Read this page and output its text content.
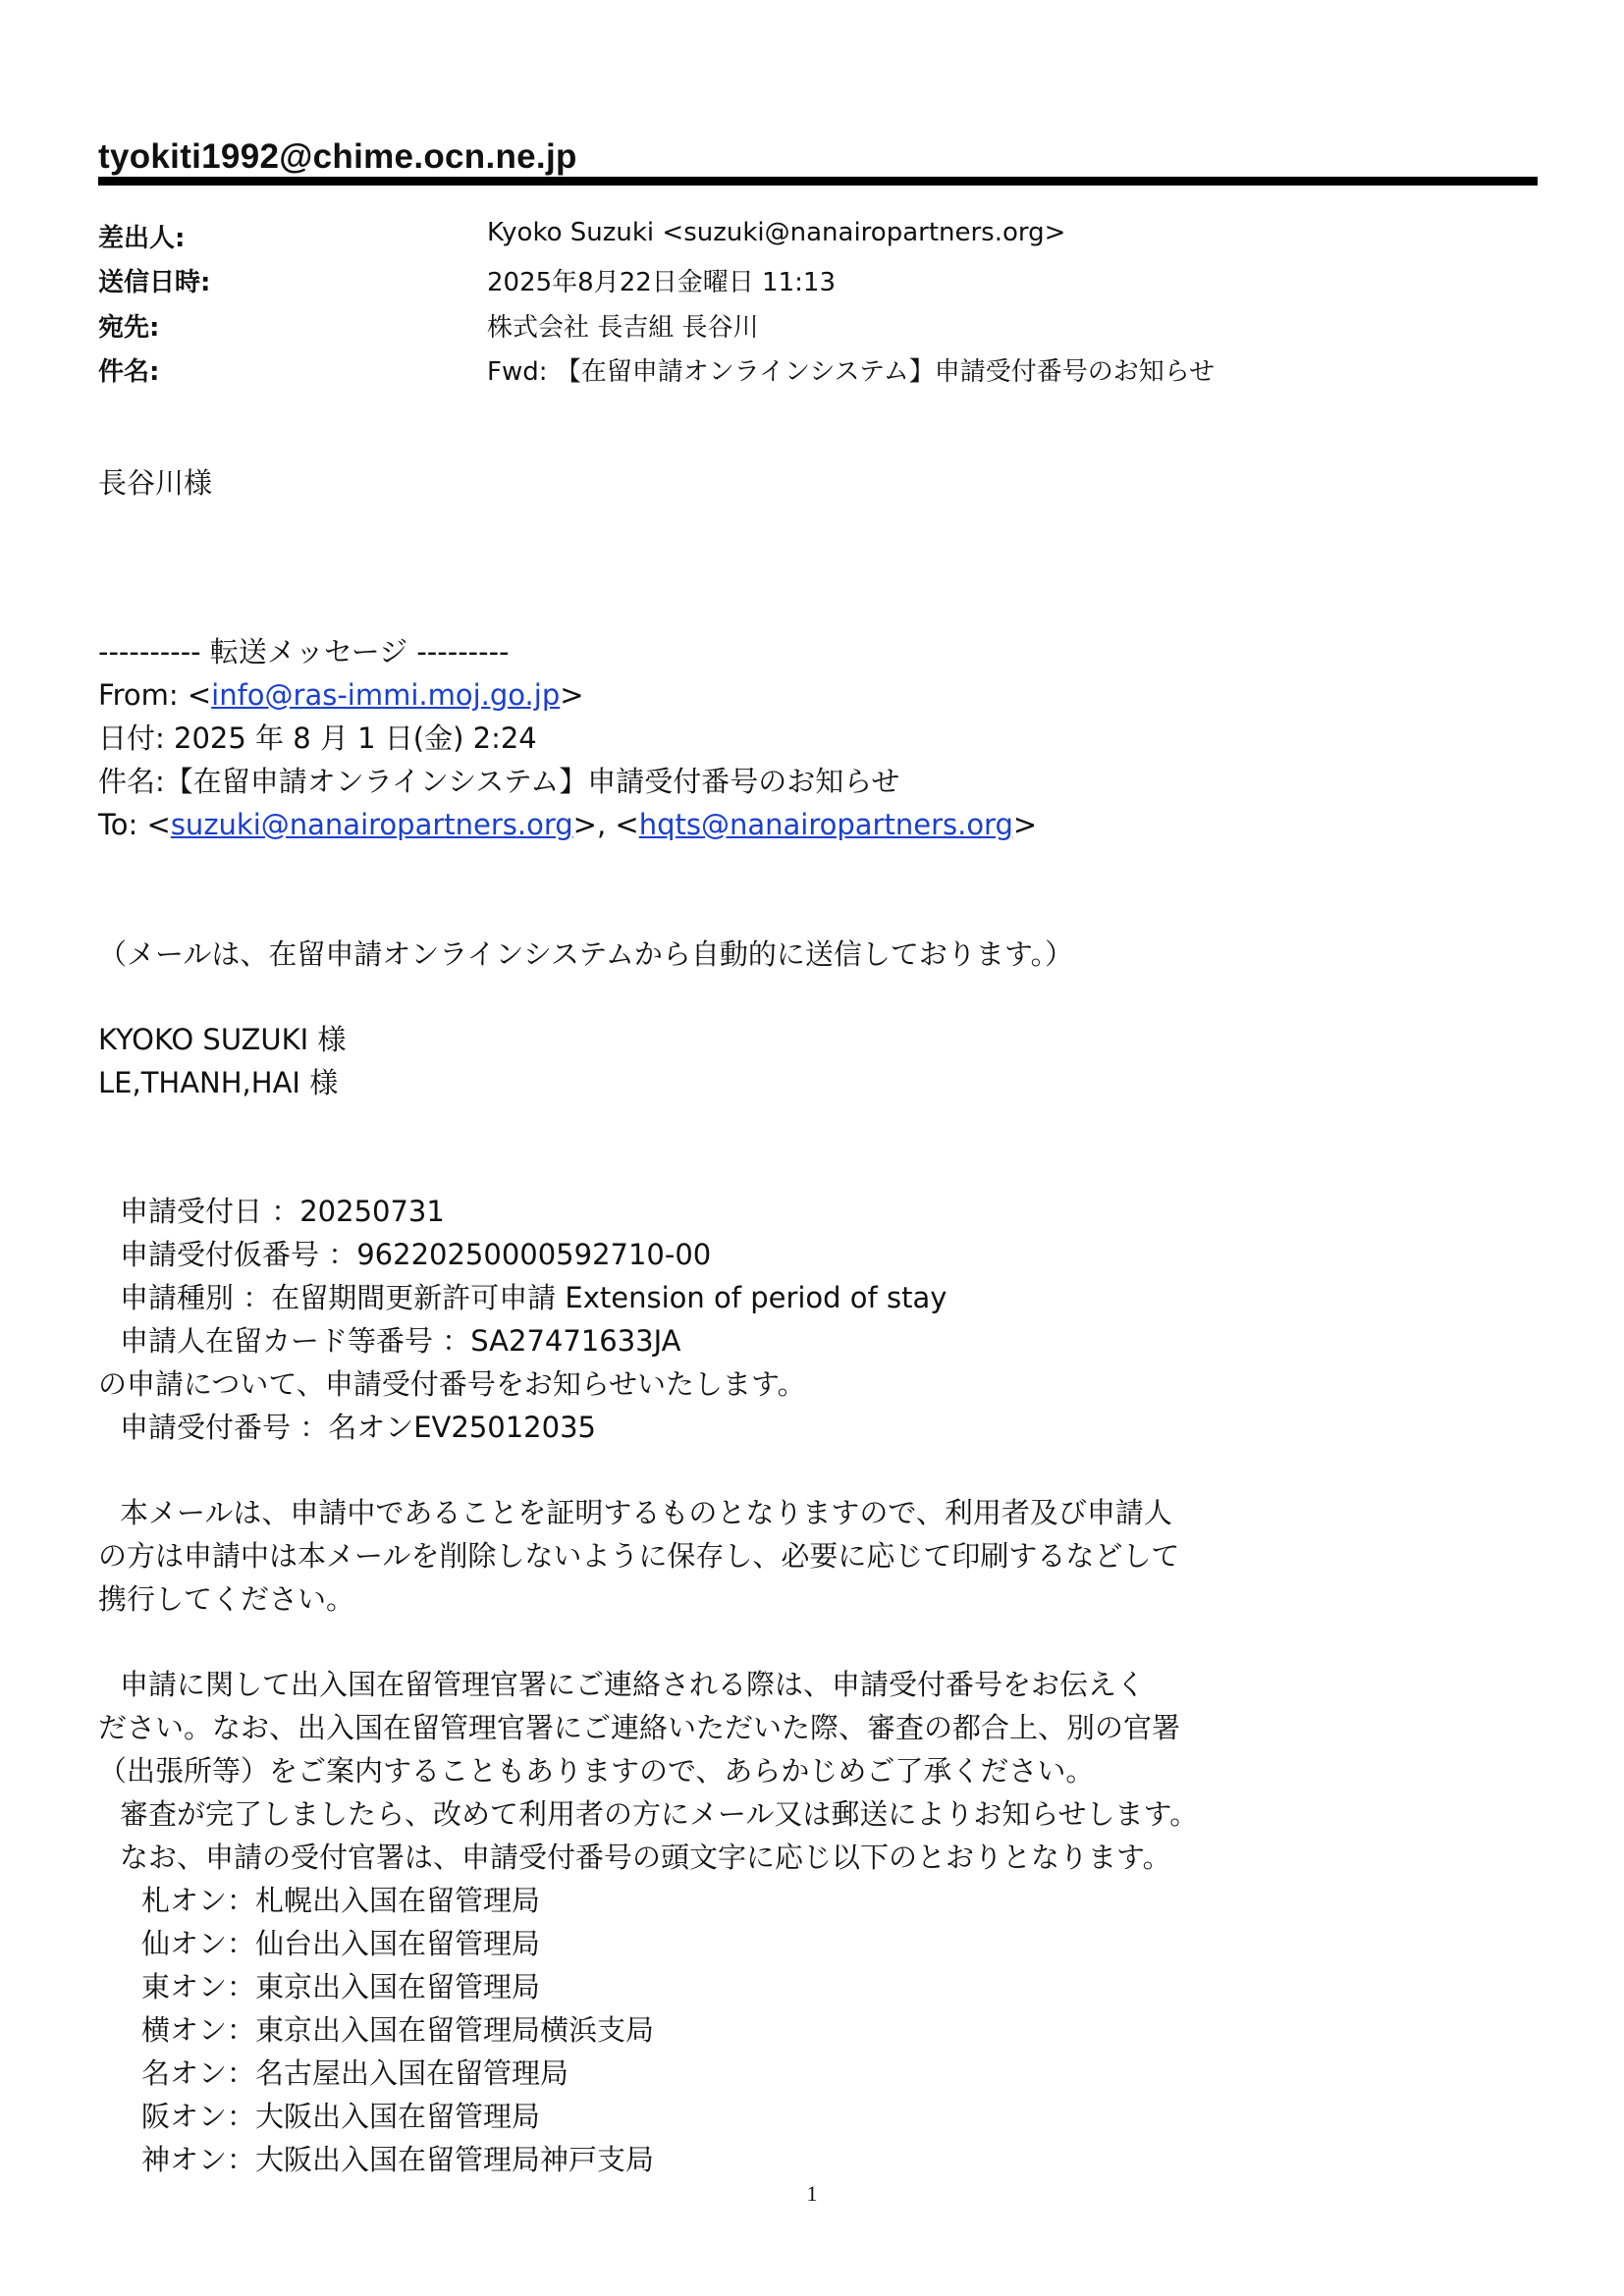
tyokiti1992@chime.ocn.ne.jp
差出人:	Kyoko Suzuki <suzuki@nanairopartners.org>
送信日時:	2025年8月22日金曜日 11:13
宛先:	株式会社 長吉組 長谷川
件名:	Fwd: 【在留申請オンラインシステム】申請受付番号のお知らせ
長谷川様
---------- 転送メッセージ ---------
From: <info@ras-immi.moj.go.jp>
日付: 2025 年 8 月 1 日(金) 2:24
件名:【在留申請オンラインシステム】申請受付番号のお知らせ
To: <suzuki@nanairopartners.org>, <hqts@nanairopartners.org>
（メールは、在留申請オンラインシステムから自動的に送信しております。）
KYOKO SUZUKI 様
LE,THANH,HAI 様
申請受付日 ：20250731
申請受付仮番号 ：96220250000592710-00
申請種別 ：在留期間更新許可申請 Extension of period of stay
申請人在留カード等番号 ：SA27471633JA
の申請について、申請受付番号をお知らせいたします。
申請受付番号 ：名オンEV25012035
本メールは、申請中であることを証明するものとなりますので、利用者及び申請人
の方は申請中は本メールを削除しないように保存し、必要に応じて印刷するなどして
携行してください。
申請に関して出入国在留管理官署にご連絡される際は、申請受付番号をお伝えく
ださい。なお、出入国在留管理官署にご連絡いただいた際、審査の都合上、別の官署
（出張所等）をご案内することもありますので、あらかじめご了承ください。
審査が完了しましたら、改めて利用者の方にメール又は郵送によりお知らせします。
なお、申請の受付官署は、申請受付番号の頭文字に応じ以下のとおりとなります。
札オン：札幌出入国在留管理局
仙オン：仙台出入国在留管理局
東オン：東京出入国在留管理局
横オン：東京出入国在留管理局横浜支局
名オン：名古屋出入国在留管理局
阪オン：大阪出入国在留管理局
神オン：大阪出入国在留管理局神戸支局
1
